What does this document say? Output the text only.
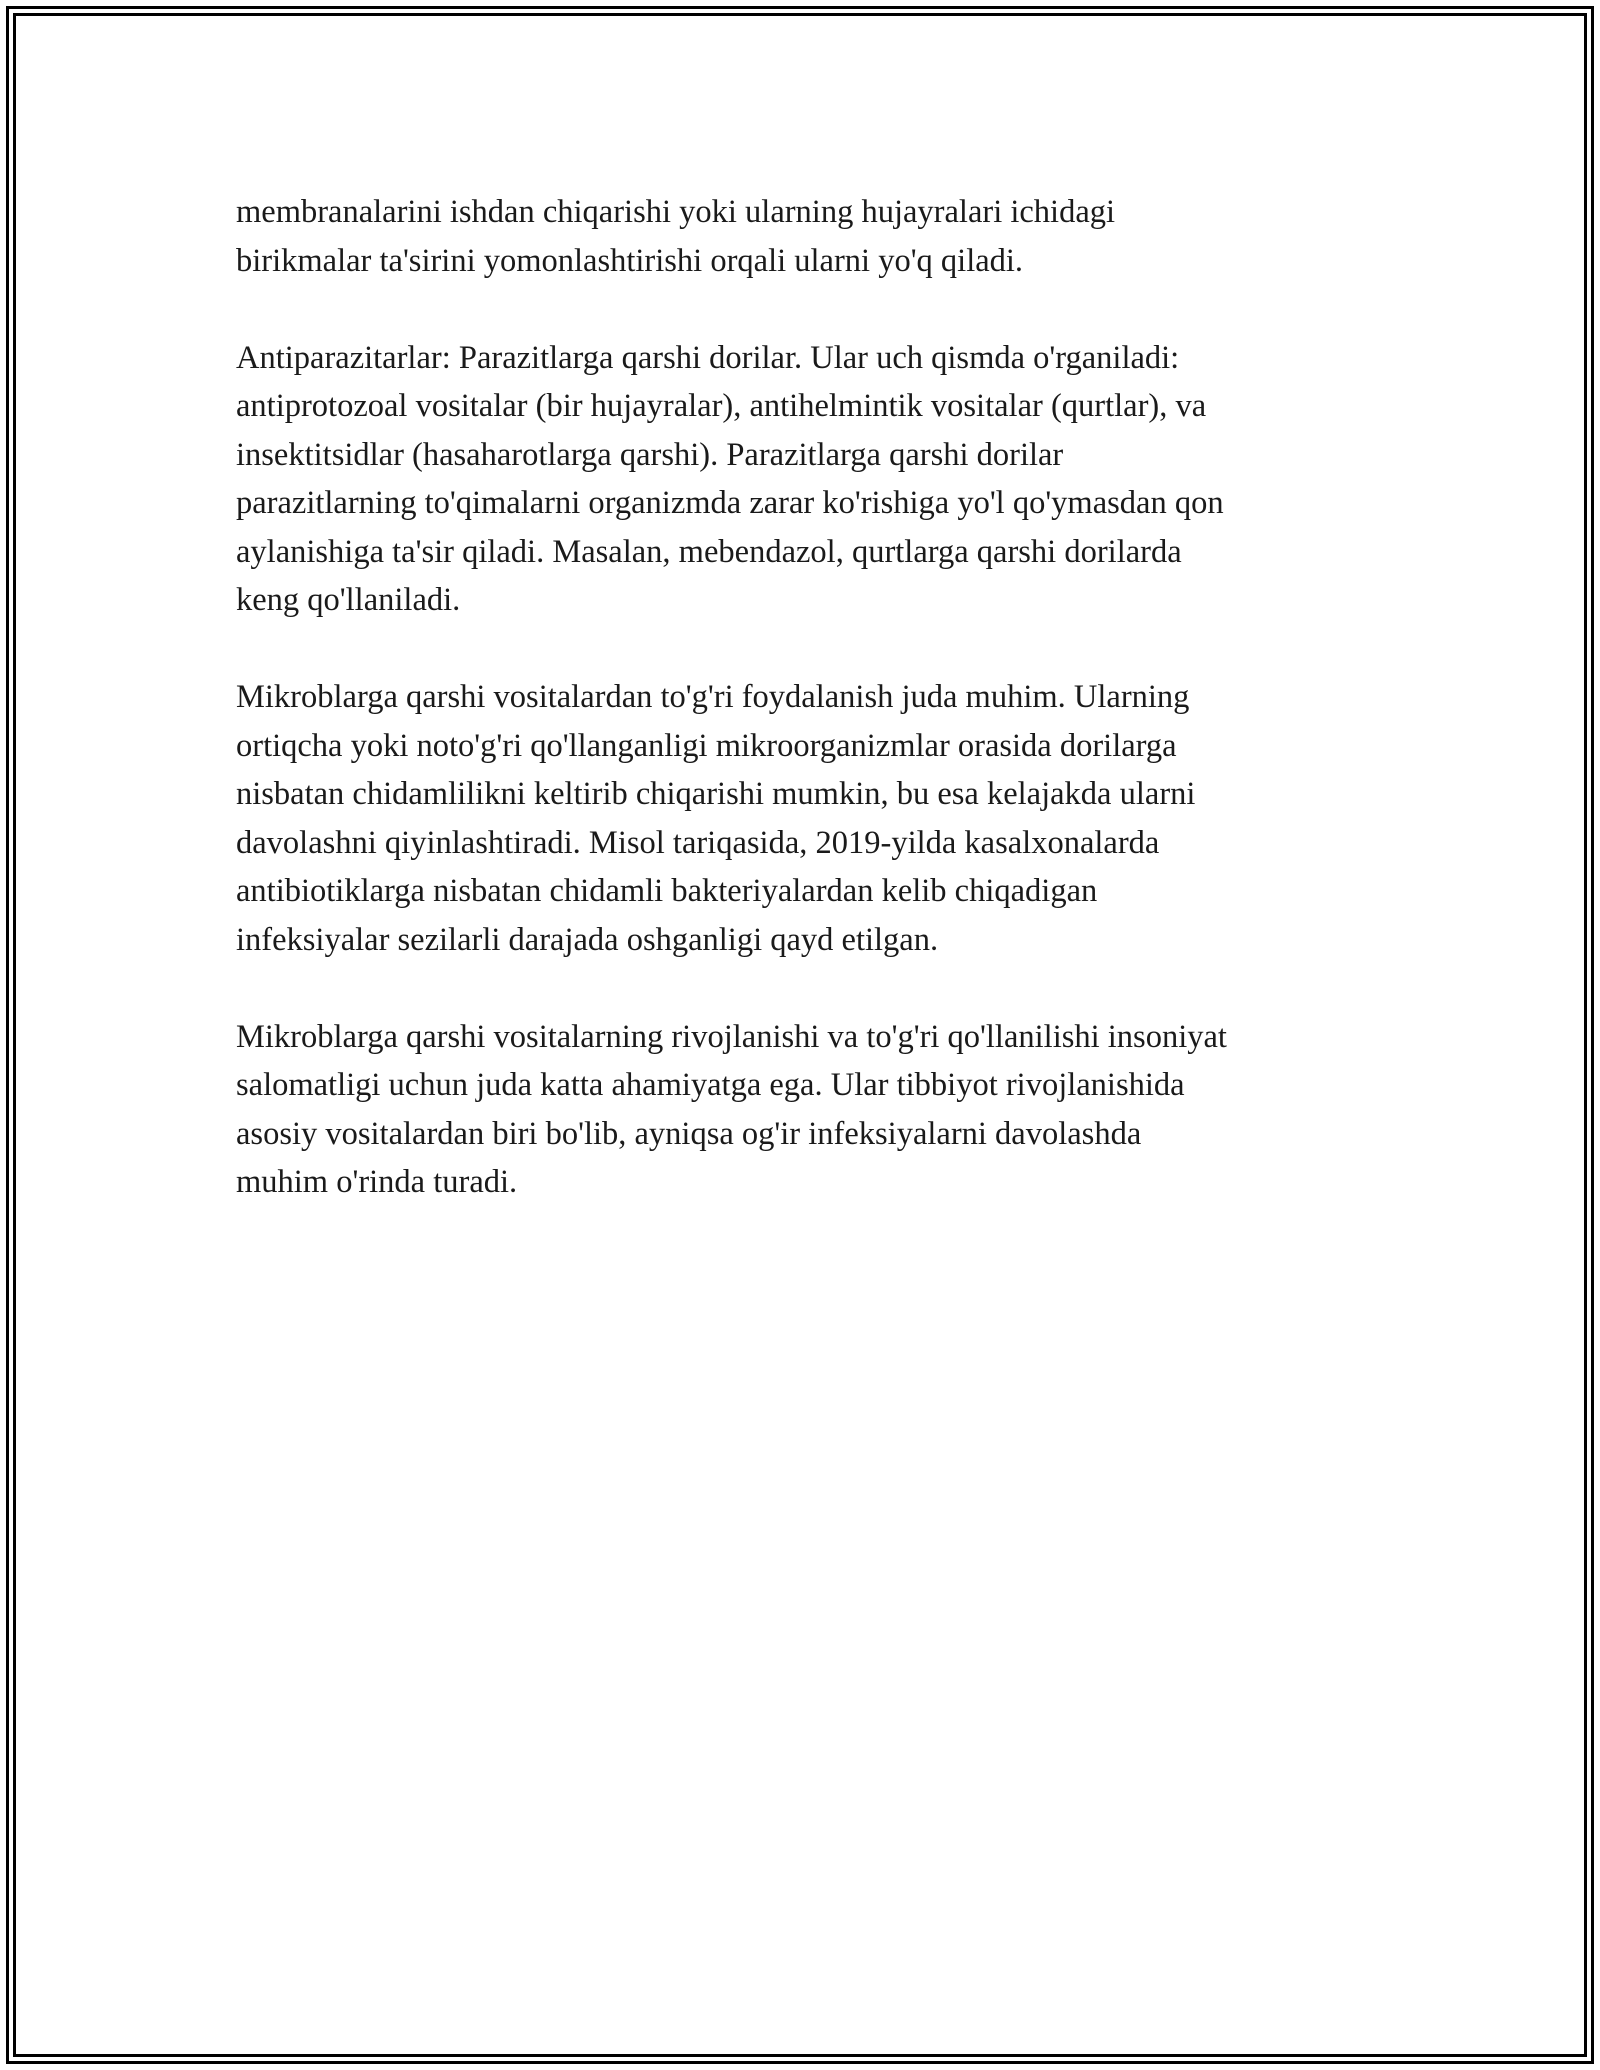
membranalarini ishdan chiqarishi yoki ularning hujayralari ichidagi
birikmalar ta'sirini yomonlashtirishi orqali ularni yo'q qiladi.

Antiparazitarlar: Parazitlarga qarshi dorilar. Ular uch qismda o'rganiladi:
antiprotozoal vositalar (bir hujayralar), antihelmintik vositalar (qurtlar), va
insektitsidlar (hasaharotlarga qarshi). Parazitlarga qarshi dorilar
parazitlarning to'qimalarni organizmda zarar ko'rishiga yo'l qo'ymasdan qon
aylanishiga ta'sir qiladi. Masalan, mebendazol, qurtlarga qarshi dorilarda
keng qo'llaniladi.

Mikroblarga qarshi vositalardan to'g'ri foydalanish juda muhim. Ularning
ortiqcha yoki noto'g'ri qo'llanganligi mikroorganizmlar orasida dorilarga
nisbatan chidamlilikni keltirib chiqarishi mumkin, bu esa kelajakda ularni
davolashni qiyinlashtiradi. Misol tariqasida, 2019-yilda kasalxonalarda
antibiotiklarga nisbatan chidamli bakteriyalardan kelib chiqadigan
infeksiyalar sezilarli darajada oshganligi qayd etilgan.

Mikroblarga qarshi vositalarning rivojlanishi va to'g'ri qo'llanilishi insoniyat
salomatligi uchun juda katta ahamiyatga ega. Ular tibbiyot rivojlanishida
asosiy vositalardan biri bo'lib, ayniqsa og'ir infeksiyalarni davolashda
muhim o'rinda turadi.
